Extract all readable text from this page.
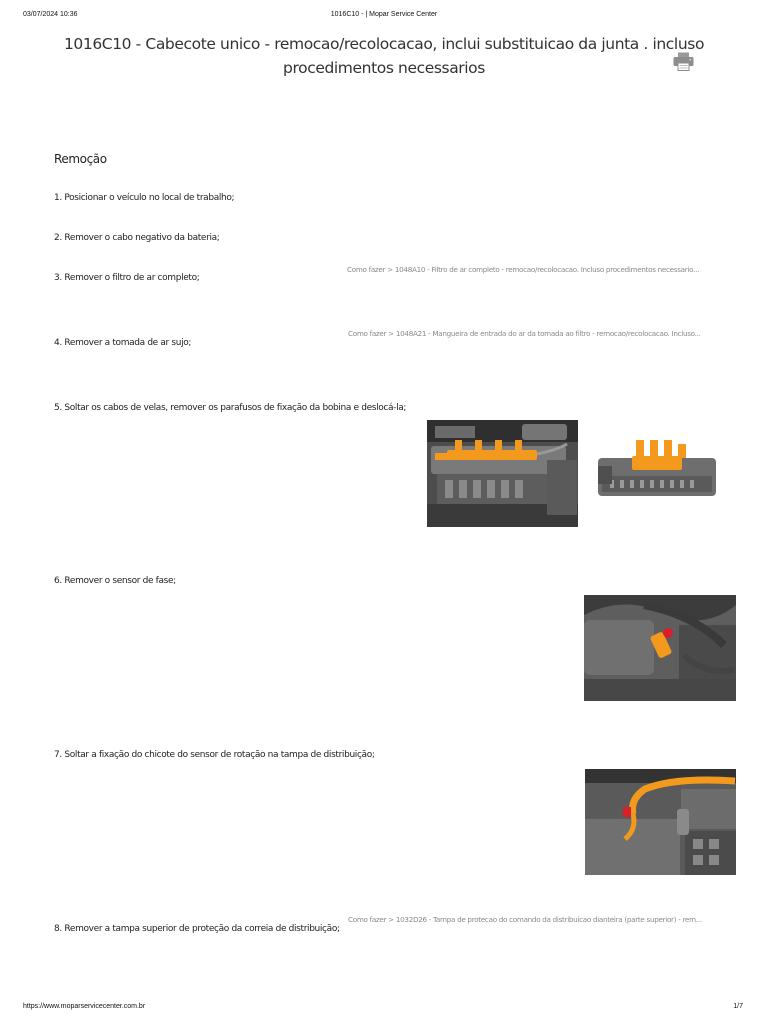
03/07/2024 10:36	1016C10 - | Mopar Service Center
1016C10 - Cabecote unico - remocao/recolocacao, inclui substituicao da junta . incluso procedimentos necessarios
Remoção
1. Posicionar o veículo no local de trabalho;
2. Remover o cabo negativo da bateria;
3. Remover o filtro de ar completo;
4. Remover a tomada de ar sujo;
5. Soltar os cabos de velas, remover os parafusos de fixação da bobina e deslocá-la;
6. Remover o sensor de fase;
7. Soltar a fixação do chicote do sensor de rotação na tampa de distribuição;
8. Remover a tampa superior de proteção da correia de distribuição;
Como fazer > 1048A10 - Filtro de ar completo - remocao/recolocacao. Incluso procedimentos necessario...
Como fazer > 1048A21 - Mangueira de entrada do ar da tomada ao filtro - remocao/recolocacao. Incluso...
Como fazer > 1032D26 - Tampa de protecao do comando da distribuicao dianteira (parte superior) - rem...
https://www.moparservicecenter.com.br	1/7
